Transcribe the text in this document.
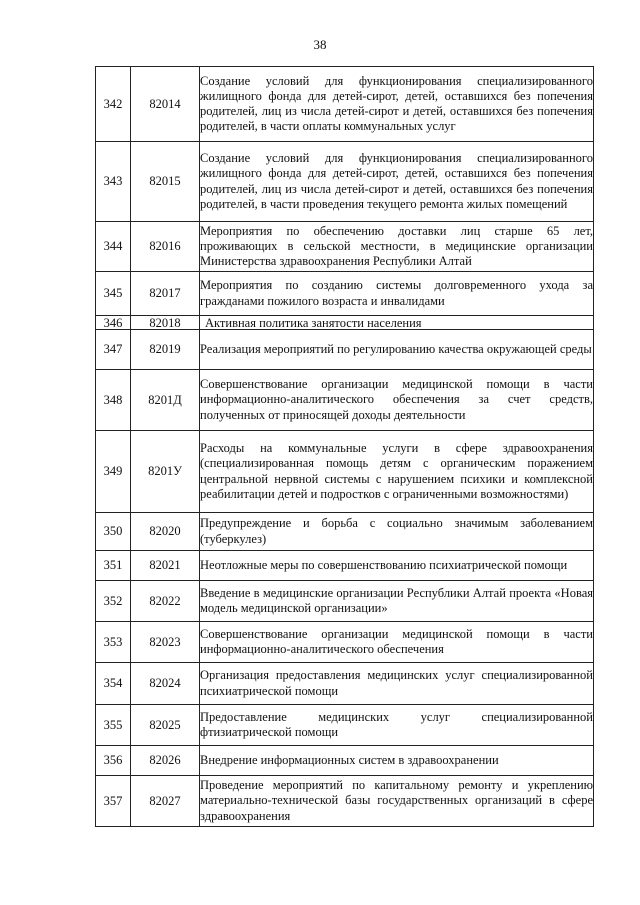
38
342	82014	Создание условий для функционирования специализированного жилищного фонда для детей-сирот, детей, оставшихся без попечения родителей, лиц из числа детей-сирот и детей, оставшихся без попечения родителей, в части оплаты коммунальных услуг
343	82015	Создание условий для функционирования специализированного жилищного фонда для детей-сирот, детей, оставшихся без попечения родителей, лиц из числа детей-сирот и детей, оставшихся без попечения родителей, в части проведения текущего ремонта жилых помещений
344	82016	Мероприятия по обеспечению доставки лиц старше 65 лет, проживающих в сельской местности, в медицинские организации Министерства здравоохранения Республики Алтай
345	82017	Мероприятия по созданию системы долговременного ухода за гражданами пожилого возраста и инвалидами
346	82018	Активная политика занятости населения
347	82019	Реализация мероприятий по регулированию качества окружающей среды
348	8201Д	Совершенствование организации медицинской помощи в части информационно-аналитического обеспечения за счет средств, полученных от приносящей доходы деятельности
349	8201У	Расходы на коммунальные услуги в сфере здравоохранения (специализированная помощь детям с органическим поражением центральной нервной системы с нарушением психики и комплексной реабилитации детей и подростков с ограниченными возможностями)
350	82020	Предупреждение и борьба с социально значимым заболеванием (туберкулез)
351	82021	Неотложные меры по совершенствованию психиатрической помощи
352	82022	Введение в медицинские организации Республики Алтай проекта «Новая модель медицинской организации»
353	82023	Совершенствование организации медицинской помощи в части информационно-аналитического обеспечения
354	82024	Организация предоставления медицинских услуг специализированной психиатрической помощи
355	82025	Предоставление медицинских услуг специализированной фтизиатрической помощи
356	82026	Внедрение информационных систем в здравоохранении
357	82027	Проведение мероприятий по капитальному ремонту и укреплению материально-технической базы государственных организаций в сфере здравоохранения
